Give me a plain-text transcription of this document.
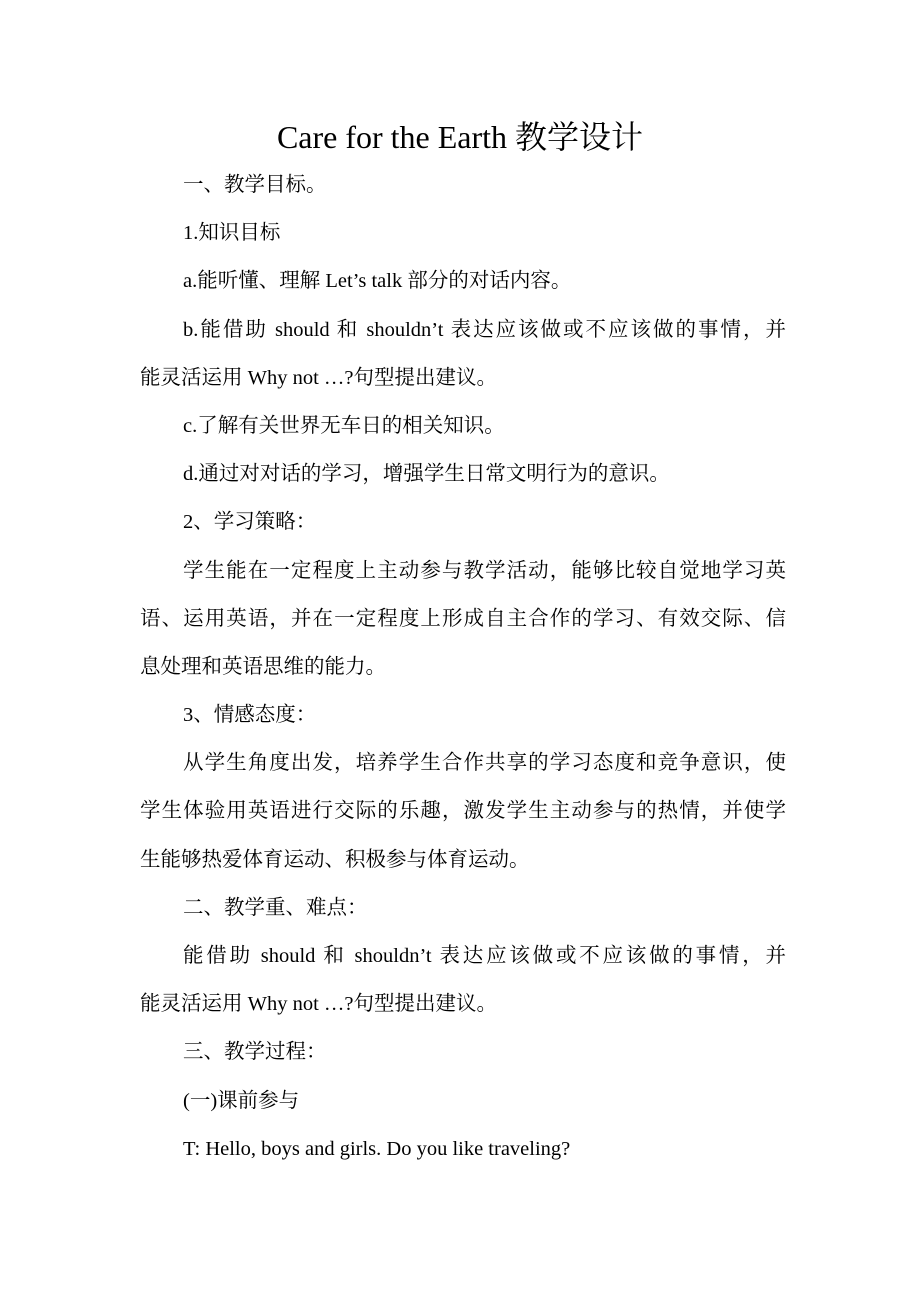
Care for the Earth 教学设计
一、教学目标。
1.知识目标
a.能听懂、理解 Let’s talk 部分的对话内容。
b.能借助 should 和 shouldn’t 表达应该做或不应该做的事情，并
能灵活运用 Why not …?句型提出建议。
c.了解有关世界无车日的相关知识。
d.通过对对话的学习，增强学生日常文明行为的意识。
2、学习策略：
学生能在一定程度上主动参与教学活动，能够比较自觉地学习英
语、运用英语，并在一定程度上形成自主合作的学习、有效交际、信
息处理和英语思维的能力。
3、情感态度：
从学生角度出发，培养学生合作共享的学习态度和竞争意识，使
学生体验用英语进行交际的乐趣，激发学生主动参与的热情，并使学
生能够热爱体育运动、积极参与体育运动。
二、教学重、难点：
能借助 should 和 shouldn’t 表达应该做或不应该做的事情，并
能灵活运用 Why not …?句型提出建议。
三、教学过程：
(一)课前参与
T: Hello, boys and girls. Do you like traveling?
